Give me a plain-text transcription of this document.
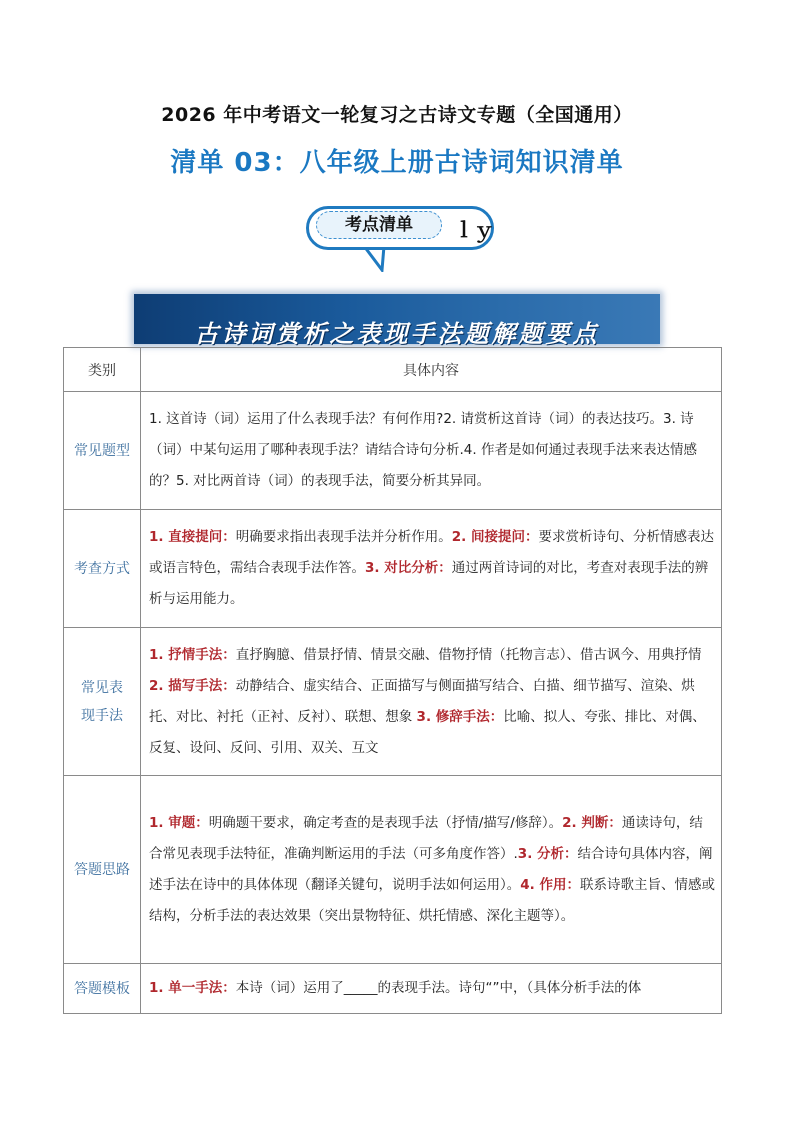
2026 年中考语文一轮复习之古诗文专题（全国通用）
清单 03：八年级上册古诗词知识清单
考点清单	ｌｙ
古诗词赏析之表现手法题解题要点
类别	具体内容
常见题型	1. 这首诗（词）运用了什么表现手法？有何作用?2. 请赏析这首诗（词）的表达技巧。3. 诗（词）中某句运用了哪种表现手法？请结合诗句分析.4. 作者是如何通过表现手法来表达情感的？5. 对比两首诗（词）的表现手法，简要分析其异同。
考查方式	1. 直接提问：明确要求指出表现手法并分析作用。2. 间接提问：要求赏析诗句、分析情感表达或语言特色，需结合表现手法作答。3. 对比分析：通过两首诗词的对比，考查对表现手法的辨析与运用能力。
常见表现手法	1. 抒情手法：直抒胸臆、借景抒情、情景交融、借物抒情（托物言志）、借古讽今、用典抒情 2. 描写手法：动静结合、虚实结合、正面描写与侧面描写结合、白描、细节描写、渲染、烘托、对比、衬托（正衬、反衬）、联想、想象 3. 修辞手法：比喻、拟人、夸张、排比、对偶、反复、设问、反问、引用、双关、互文
答题思路	1. 审题：明确题干要求，确定考查的是表现手法（抒情/描写/修辞）。2. 判断：通读诗句，结合常见表现手法特征，准确判断运用的手法（可多角度作答）.3. 分析：结合诗句具体内容，阐述手法在诗中的具体体现（翻译关键句，说明手法如何运用）。4. 作用：联系诗歌主旨、情感或结构，分析手法的表达效果（突出景物特征、烘托情感、深化主题等）。
答题模板	1. 单一手法：本诗（词）运用了_____的表现手法。诗句“”中，（具体分析手法的体
